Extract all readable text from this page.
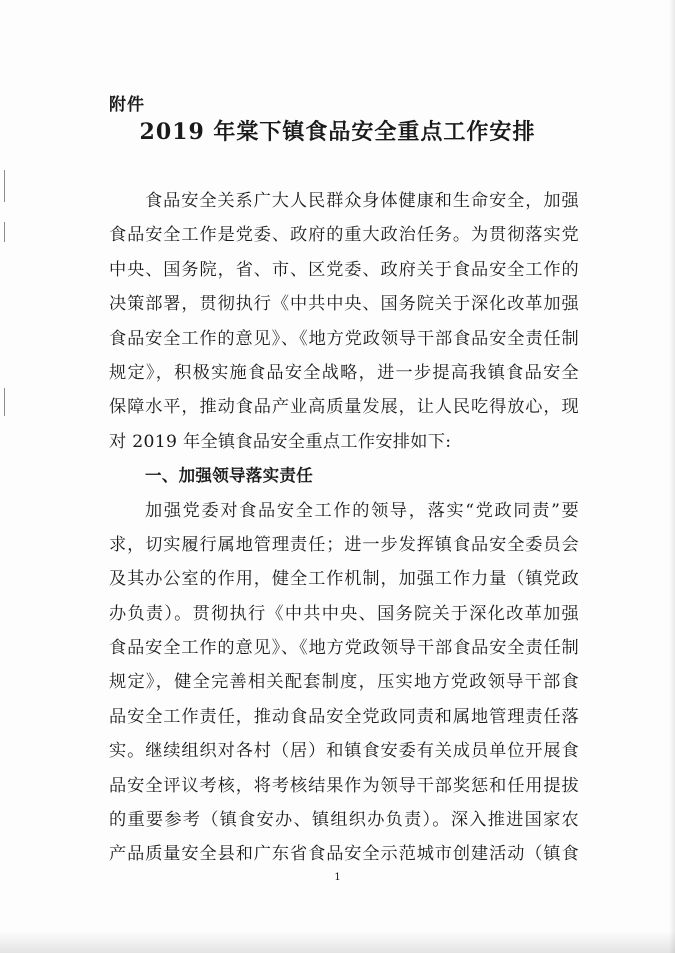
附件
2019 年棠下镇食品安全重点工作安排
食品安全关系广大人民群众身体健康和生命安全，加强
食品安全工作是党委、政府的重大政治任务。为贯彻落实党
中央、国务院，省、市、区党委、政府关于食品安全工作的
决策部署，贯彻执行《中共中央、国务院关于深化改革加强
食品安全工作的意见》、《地方党政领导干部食品安全责任制
规定》，积极实施食品安全战略，进一步提高我镇食品安全
保障水平，推动食品产业高质量发展，让人民吃得放心，现
对 2019 年全镇食品安全重点工作安排如下:
一、加强领导落实责任
加强党委对食品安全工作的领导，落实“党政同责”要
求，切实履行属地管理责任；进一步发挥镇食品安全委员会
及其办公室的作用，健全工作机制，加强工作力量（镇党政
办负责）。贯彻执行《中共中央、国务院关于深化改革加强
食品安全工作的意见》、《地方党政领导干部食品安全责任制
规定》，健全完善相关配套制度，压实地方党政领导干部食
品安全工作责任，推动食品安全党政同责和属地管理责任落
实。继续组织对各村（居）和镇食安委有关成员单位开展食
品安全评议考核，将考核结果作为领导干部奖惩和任用提拔
的重要参考（镇食安办、镇组织办负责）。深入推进国家农
产品质量安全县和广东省食品安全示范城市创建活动（镇食
1
